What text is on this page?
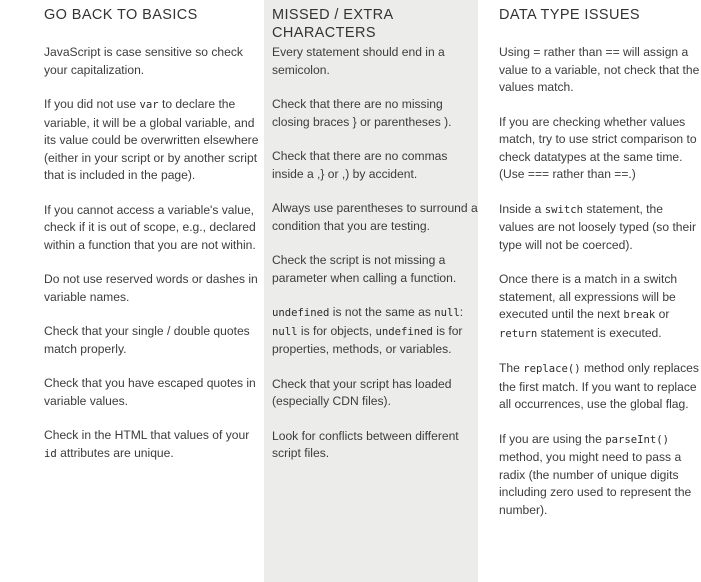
GO BACK TO BASICS

JavaScript is case sensitive so check your capitalization.

If you did not use var to declare the variable, it will be a global variable, and its value could be overwritten elsewhere (either in your script or by another script that is included in the page).

If you cannot access a variable's value, check if it is out of scope, e.g., declared within a function that you are not within.

Do not use reserved words or dashes in variable names.

Check that your single / double quotes match properly.

Check that you have escaped quotes in variable values.

Check in the HTML that values of your id attributes are unique.

MISSED / EXTRA CHARACTERS

Every statement should end in a semicolon.

Check that there are no missing closing braces } or parentheses ).

Check that there are no commas inside a ,} or ,) by accident.

Always use parentheses to surround a condition that you are testing.

Check the script is not missing a parameter when calling a function.

undefined is not the same as null: null is for objects, undefined is for properties, methods, or variables.

Check that your script has loaded (especially CDN files).

Look for conflicts between different script files.

DATA TYPE ISSUES

Using = rather than == will assign a value to a variable, not check that the values match.

If you are checking whether values match, try to use strict comparison to check datatypes at the same time. (Use === rather than ==.)

Inside a switch statement, the values are not loosely typed (so their type will not be coerced).

Once there is a match in a switch statement, all expressions will be executed until the next break or return statement is executed.

The replace() method only replaces the first match. If you want to replace all occurrences, use the global flag.

If you are using the parseInt() method, you might need to pass a radix (the number of unique digits including zero used to represent the number).
